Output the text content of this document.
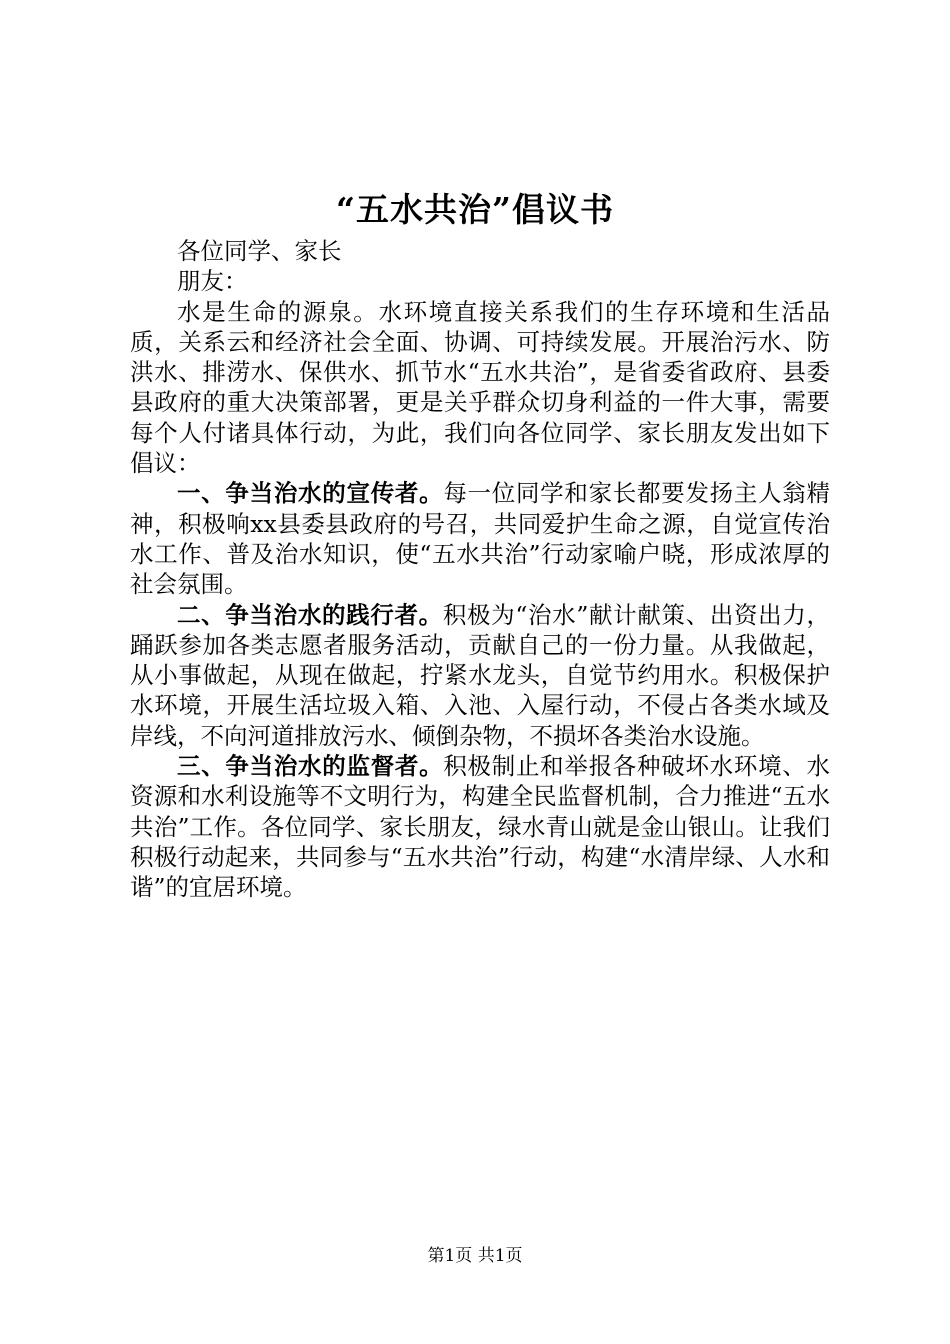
“五水共治”倡议书

各位同学、家长

朋友：

水是生命的源泉。水环境直接关系我们的生存环境和生活品质，关系云和经济社会全面、协调、可持续发展。开展治污水、防洪水、排涝水、保供水、抓节水“五水共治”，是省委省政府、县委县政府的重大决策部署，更是关乎群众切身利益的一件大事，需要每个人付诸具体行动，为此，我们向各位同学、家长朋友发出如下倡议：

一、争当治水的宣传者。每一位同学和家长都要发扬主人翁精神，积极响xx县委县政府的号召，共同爱护生命之源，自觉宣传治水工作、普及治水知识，使“五水共治”行动家喻户晓，形成浓厚的社会氛围。

二、争当治水的践行者。积极为“治水”献计献策、出资出力，踊跃参加各类志愿者服务活动，贡献自己的一份力量。从我做起，从小事做起，从现在做起，拧紧水龙头，自觉节约用水。积极保护水环境，开展生活垃圾入箱、入池、入屋行动，不侵占各类水域及岸线，不向河道排放污水、倾倒杂物，不损坏各类治水设施。

三、争当治水的监督者。积极制止和举报各种破坏水环境、水资源和水利设施等不文明行为，构建全民监督机制，合力推进“五水共治”工作。各位同学、家长朋友，绿水青山就是金山银山。让我们积极行动起来，共同参与“五水共治”行动，构建“水清岸绿、人水和谐”的宜居环境。

第1页 共1页
